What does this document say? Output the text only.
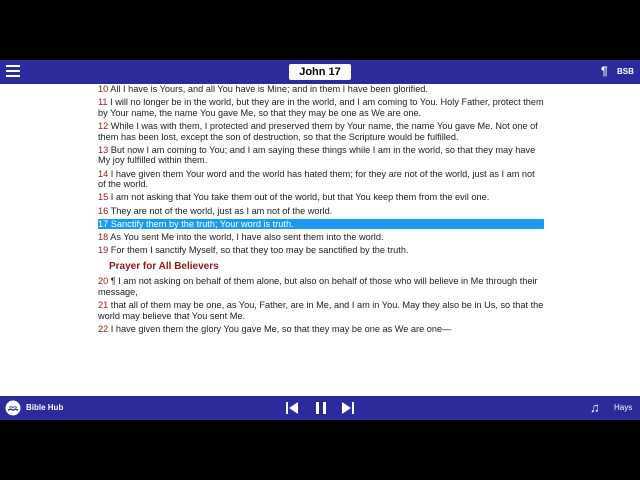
John 17	¶ BSB
10 All I have is Yours, and all You have is Mine; and in them I have been glorified.
11 I will no longer be in the world, but they are in the world, and I am coming to You. Holy Father, protect them by Your name, the name You gave Me, so that they may be one as We are one.
12 While I was with them, I protected and preserved them by Your name, the name You gave Me. Not one of them has been lost, except the son of destruction, so that the Scripture would be fulfilled.
13 But now I am coming to You; and I am saying these things while I am in the world, so that they may have My joy fulfilled within them.
14 I have given them Your word and the world has hated them; for they are not of the world, just as I am not of the world.
15 I am not asking that You take them out of the world, but that You keep them from the evil one.
16 They are not of the world, just as I am not of the world.
17 Sanctify them by the truth; Your word is truth.
18 As You sent Me into the world, I have also sent them into the world.
19 For them I sanctify Myself, so that they too may be sanctified by the truth.
Prayer for All Believers
20 ¶ I am not asking on behalf of them alone, but also on behalf of those who will believe in Me through their message,
21 that all of them may be one, as You, Father, are in Me, and I am in You. May they also be in Us, so that the world may believe that You sent Me.
22 I have given them the glory You gave Me, so that they may be one as We are one—
Bible Hub	♫ Hays
